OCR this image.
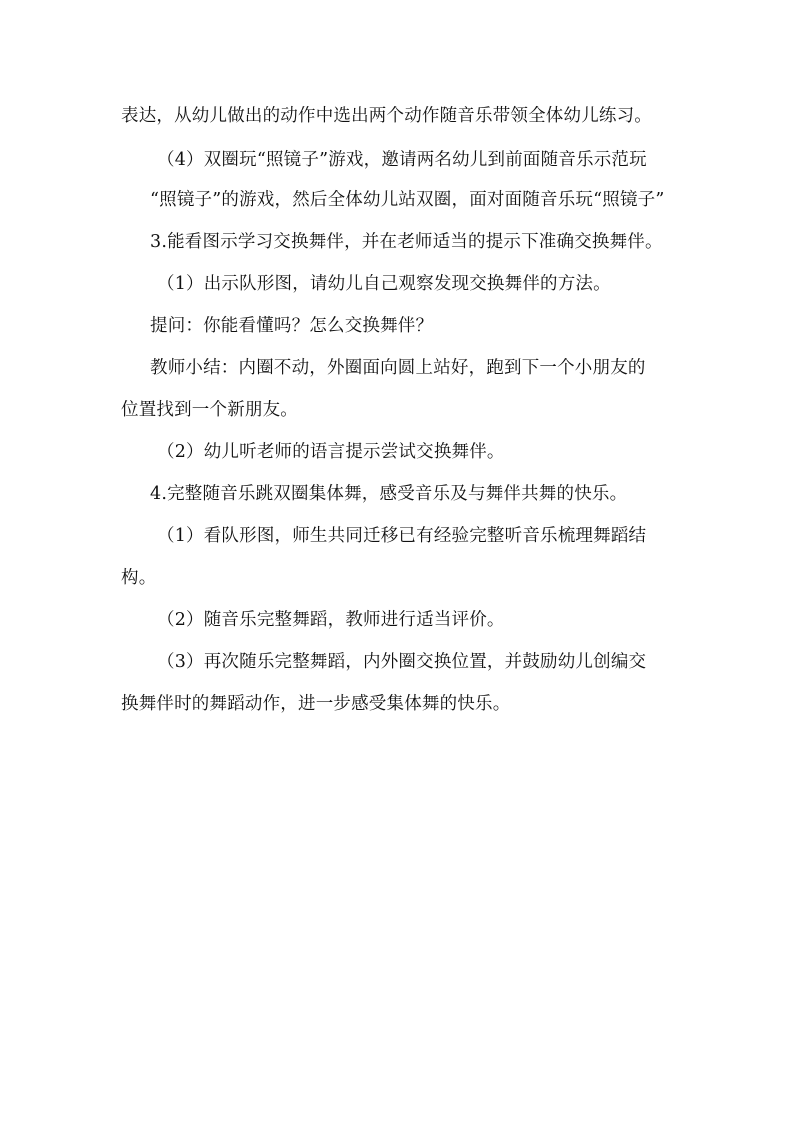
表达，从幼儿做出的动作中选出两个动作随音乐带领全体幼儿练习。
（4）双圈玩“照镜子”游戏，邀请两名幼儿到前面随音乐示范玩
“照镜子”的游戏，然后全体幼儿站双圈，面对面随音乐玩“照镜子”
3.能看图示学习交换舞伴，并在老师适当的提示下准确交换舞伴。
（1）出示队形图，请幼儿自己观察发现交换舞伴的方法。
提问：你能看懂吗？怎么交换舞伴？
教师小结：内圈不动，外圈面向圆上站好，跑到下一个小朋友的
位置找到一个新朋友。
（2）幼儿听老师的语言提示尝试交换舞伴。
4.完整随音乐跳双圈集体舞，感受音乐及与舞伴共舞的快乐。
（1）看队形图，师生共同迁移已有经验完整听音乐梳理舞蹈结
构。
（2）随音乐完整舞蹈，教师进行适当评价。
（3）再次随乐完整舞蹈，内外圈交换位置，并鼓励幼儿创编交
换舞伴时的舞蹈动作，进一步感受集体舞的快乐。
